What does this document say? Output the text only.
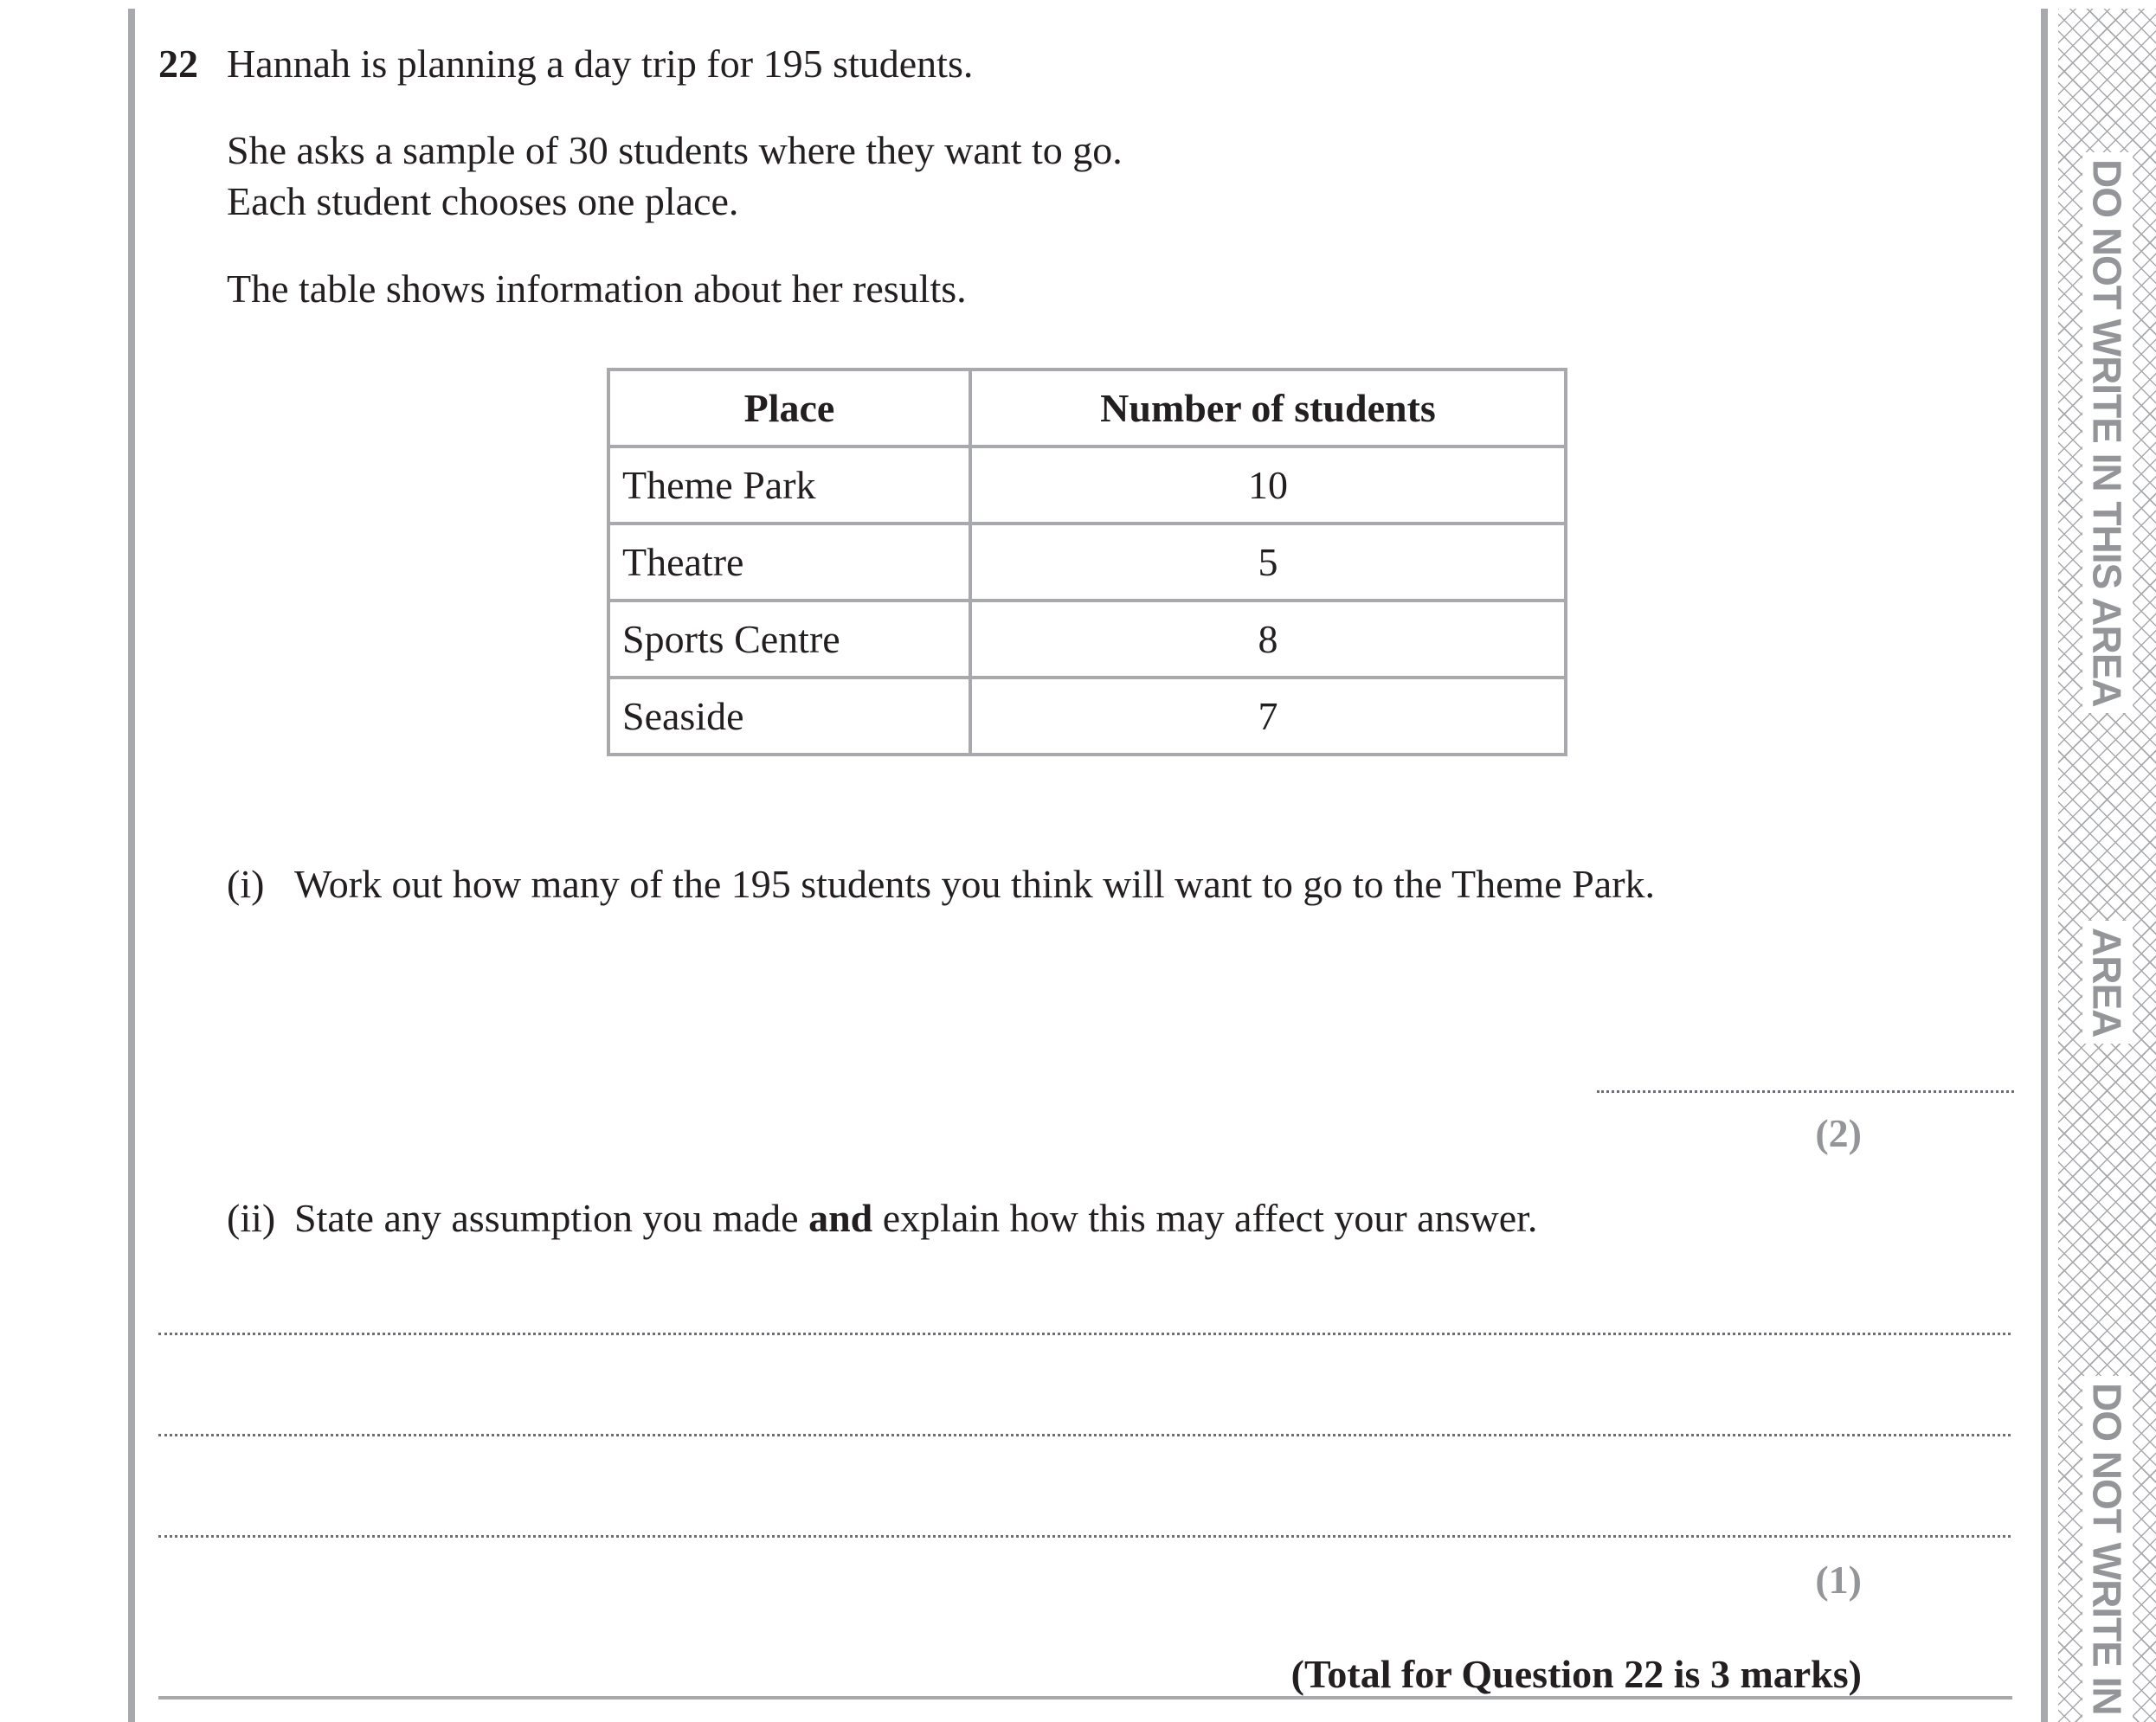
DO NOT WRITE IN THIS AREA
AREA
DO NOT WRITE IN
22 Hannah is planning a day trip for 195 students.
She asks a sample of 30 students where they want to go.
Each student chooses one place.
The table shows information about her results.
Place	Number of students
Theme Park	10
Theatre	5
Sports Centre	8
Seaside	7
(i) Work out how many of the 195 students you think will want to go to the Theme Park.
(2)
(ii) State any assumption you made and explain how this may affect your answer.
(1)
(Total for Question 22 is 3 marks)
